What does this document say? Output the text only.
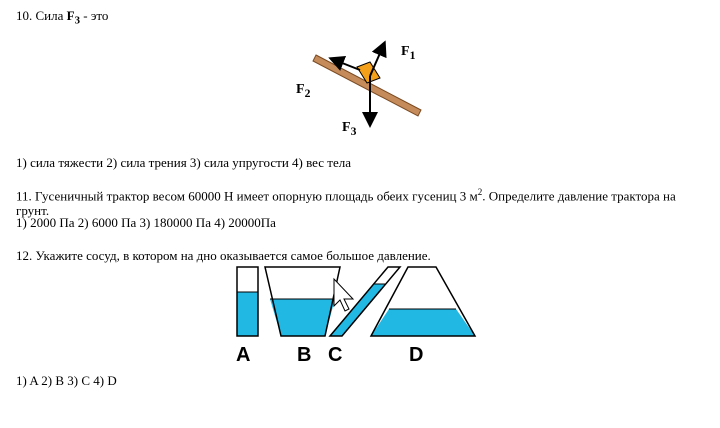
10. Сила $F_3$ - это
$F_1$
$F_2$
$F_3$
1) сила тяжести 2) сила трения 3) сила упругости 4) вес тела
11. Гусеничный трактор весом 60000 Н имеет опорную площадь обеих гусениц 3 $м^2$. Определите давление трактора на грунт.
1) 2000 Па 2) 6000 Па 3) 180000 Па 4) 20000Па
12. Укажите сосуд, в котором на дно оказывается самое большое давление.
A B C	D
1) A 2) B 3) C 4) D
